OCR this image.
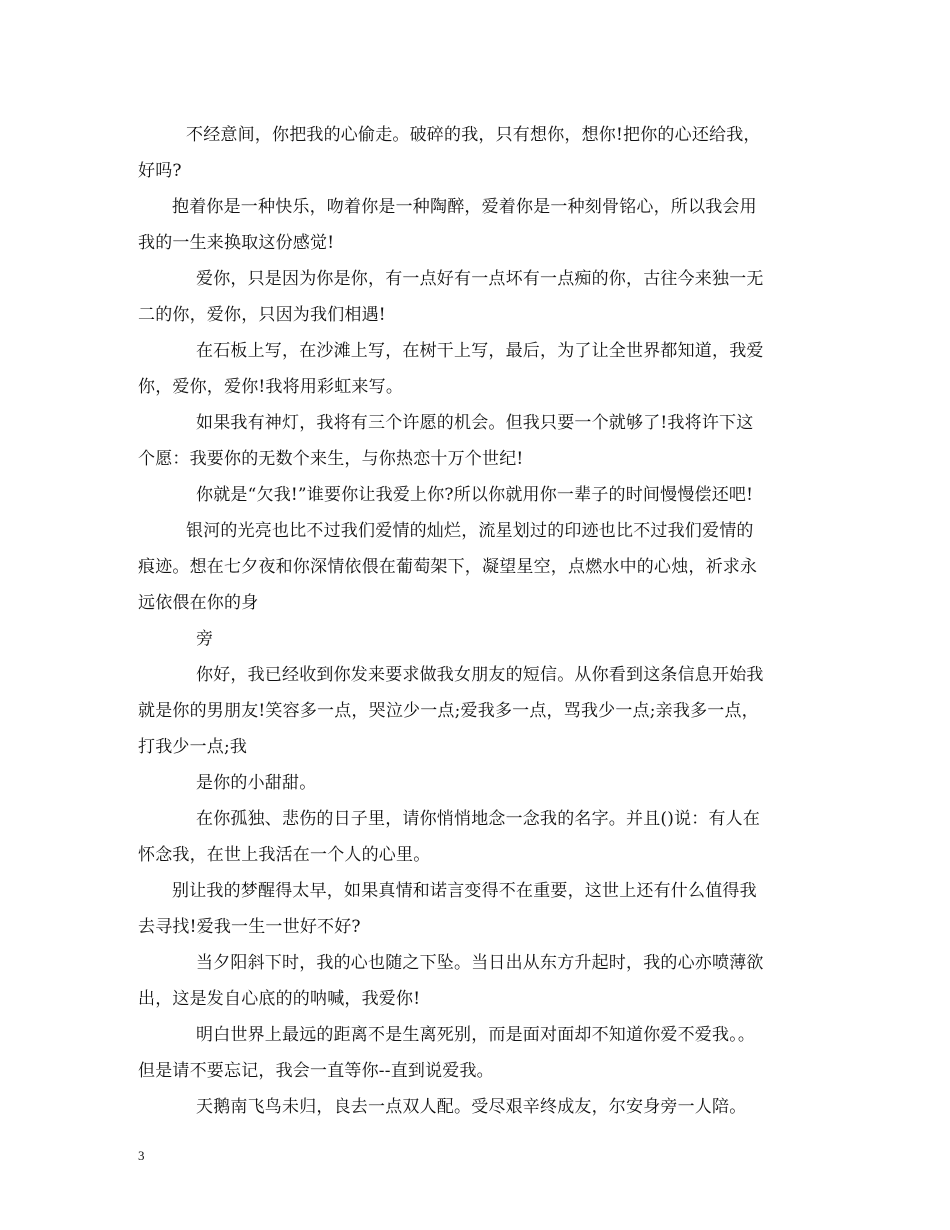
不经意间，你把我的心偷走。破碎的我，只有想你，想你!把你的心还给我，
好吗?
抱着你是一种快乐，吻着你是一种陶醉，爱着你是一种刻骨铭心，所以我会用
我的一生来换取这份感觉!
爱你，只是因为你是你，有一点好有一点坏有一点痴的你，古往今来独一无
二的你，爱你，只因为我们相遇!
在石板上写，在沙滩上写，在树干上写，最后，为了让全世界都知道，我爱
你，爱你，爱你!我将用彩虹来写。
如果我有神灯，我将有三个许愿的机会。但我只要一个就够了!我将许下这
个愿：我要你的无数个来生，与你热恋十万个世纪!
你就是“欠我!”谁要你让我爱上你?所以你就用你一辈子的时间慢慢偿还吧!
银河的光亮也比不过我们爱情的灿烂，流星划过的印迹也比不过我们爱情的
痕迹。想在七夕夜和你深情依偎在葡萄架下，凝望星空，点燃水中的心烛，祈求永
远依偎在你的身
旁
你好，我已经收到你发来要求做我女朋友的短信。从你看到这条信息开始我
就是你的男朋友!笑容多一点，哭泣少一点;爱我多一点，骂我少一点;亲我多一点，
打我少一点;我
是你的小甜甜。
在你孤独、悲伤的日子里，请你悄悄地念一念我的名字。并且()说：有人在
怀念我，在世上我活在一个人的心里。
别让我的梦醒得太早，如果真情和诺言变得不在重要，这世上还有什么值得我
去寻找!爱我一生一世好不好?
当夕阳斜下时，我的心也随之下坠。当日出从东方升起时，我的心亦喷薄欲
出，这是发自心底的的呐喊，我爱你!
明白世界上最远的距离不是生离死别，而是面对面却不知道你爱不爱我。。
但是请不要忘记，我会一直等你--直到说爱我。
天鹅南飞鸟未归，良去一点双人配。受尽艰辛终成友，尔安身旁一人陪。
3
